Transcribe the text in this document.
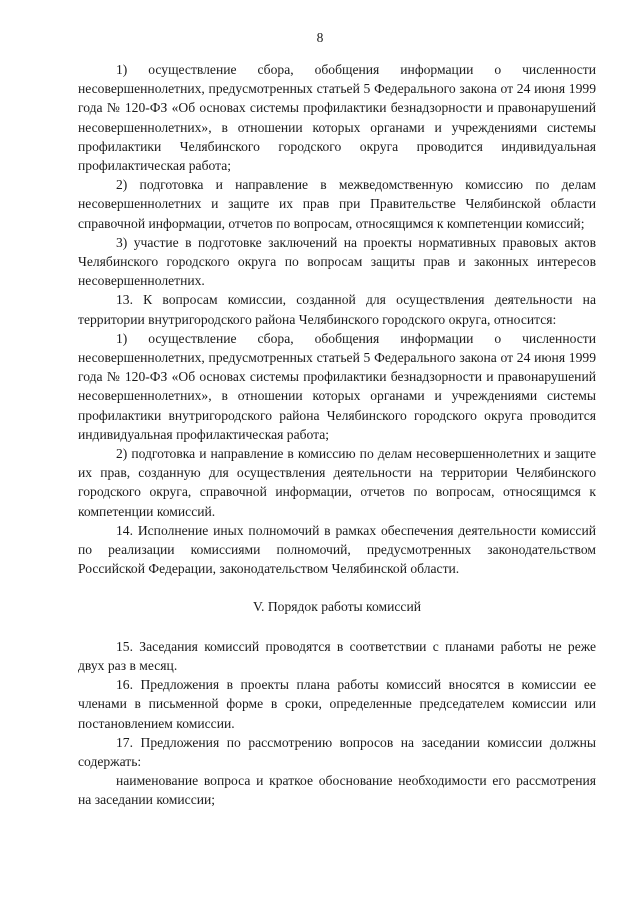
8

1) осуществление сбора, обобщения информации о численности несовершеннолетних, предусмотренных статьей 5 Федерального закона от 24 июня 1999 года № 120-ФЗ «Об основах системы профилактики безнадзорности и правонарушений несовершеннолетних», в отношении которых органами и учреждениями системы профилактики Челябинского городского округа проводится индивидуальная профилактическая работа;

2) подготовка и направление в межведомственную комиссию по делам несовершеннолетних и защите их прав при Правительстве Челябинской области справочной информации, отчетов по вопросам, относящимся к компетенции комиссий;

3) участие в подготовке заключений на проекты нормативных правовых актов Челябинского городского округа по вопросам защиты прав и законных интересов несовершеннолетних.

13. К вопросам комиссии, созданной для осуществления деятельности на территории внутригородского района Челябинского городского округа, относится:

1) осуществление сбора, обобщения информации о численности несовершеннолетних, предусмотренных статьей 5 Федерального закона от 24 июня 1999 года № 120-ФЗ «Об основах системы профилактики безнадзорности и правонарушений несовершеннолетних», в отношении которых органами и учреждениями системы профилактики внутригородского района Челябинского городского округа проводится индивидуальная профилактическая работа;

2) подготовка и направление в комиссию по делам несовершеннолетних и защите их прав, созданную для осуществления деятельности на территории Челябинского городского округа, справочной информации, отчетов по вопросам, относящимся к компетенции комиссий.

14. Исполнение иных полномочий в рамках обеспечения деятельности комиссий по реализации комиссиями полномочий, предусмотренных законодательством Российской Федерации, законодательством Челябинской области.

V. Порядок работы комиссий

15. Заседания комиссий проводятся в соответствии с планами работы не реже двух раз в месяц.

16. Предложения в проекты плана работы комиссий вносятся в комиссии ее членами в письменной форме в сроки, определенные председателем комиссии или постановлением комиссии.

17. Предложения по рассмотрению вопросов на заседании комиссии должны содержать:

наименование вопроса и краткое обоснование необходимости его рассмотрения на заседании комиссии;
